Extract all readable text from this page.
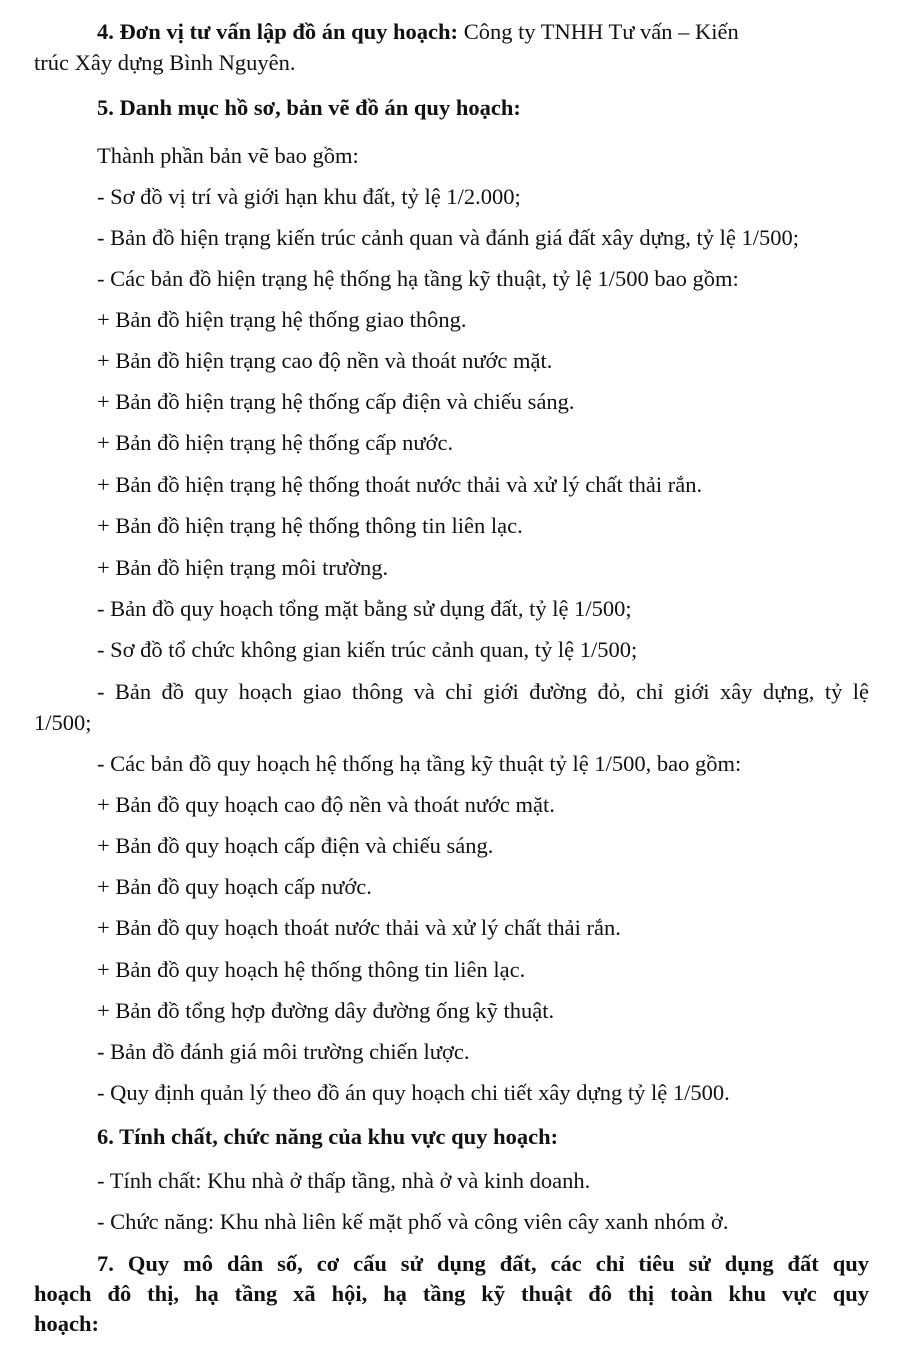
4. Đơn vị tư vấn lập đồ án quy hoạch: Công ty TNHH Tư vấn – Kiến
trúc Xây dựng Bình Nguyên.
5. Danh mục hồ sơ, bản vẽ đồ án quy hoạch:
Thành phần bản vẽ bao gồm:
- Sơ đồ vị trí và giới hạn khu đất, tỷ lệ 1/2.000;
- Bản đồ hiện trạng kiến trúc cảnh quan và đánh giá đất xây dựng, tỷ lệ 1/500;
- Các bản đồ hiện trạng hệ thống hạ tầng kỹ thuật, tỷ lệ 1/500 bao gồm:
+ Bản đồ hiện trạng hệ thống giao thông.
+ Bản đồ hiện trạng cao độ nền và thoát nước mặt.
+ Bản đồ hiện trạng hệ thống cấp điện và chiếu sáng.
+ Bản đồ hiện trạng hệ thống cấp nước.
+ Bản đồ hiện trạng hệ thống thoát nước thải và xử lý chất thải rắn.
+ Bản đồ hiện trạng hệ thống thông tin liên lạc.
+ Bản đồ hiện trạng môi trường.
- Bản đồ quy hoạch tổng mặt bằng sử dụng đất, tỷ lệ 1/500;
- Sơ đồ tổ chức không gian kiến trúc cảnh quan, tỷ lệ 1/500;
- Bản đồ quy hoạch giao thông và chỉ giới đường đỏ, chỉ giới xây dựng, tỷ lệ
1/500;
- Các bản đồ quy hoạch hệ thống hạ tầng kỹ thuật tỷ lệ 1/500, bao gồm:
+ Bản đồ quy hoạch cao độ nền và thoát nước mặt.
+ Bản đồ quy hoạch cấp điện và chiếu sáng.
+ Bản đồ quy hoạch cấp nước.
+ Bản đồ quy hoạch thoát nước thải và xử lý chất thải rắn.
+ Bản đồ quy hoạch hệ thống thông tin liên lạc.
+ Bản đồ tổng hợp đường dây đường ống kỹ thuật.
- Bản đồ đánh giá môi trường chiến lược.
- Quy định quản lý theo đồ án quy hoạch chi tiết xây dựng tỷ lệ 1/500.
6. Tính chất, chức năng của khu vực quy hoạch:
- Tính chất: Khu nhà ở thấp tầng, nhà ở và kinh doanh.
- Chức năng: Khu nhà liên kế mặt phố và công viên cây xanh nhóm ở.
7. Quy mô dân số, cơ cấu sử dụng đất, các chỉ tiêu sử dụng đất quy
hoạch đô thị, hạ tầng xã hội, hạ tầng kỹ thuật đô thị toàn khu vực quy
hoạch:
